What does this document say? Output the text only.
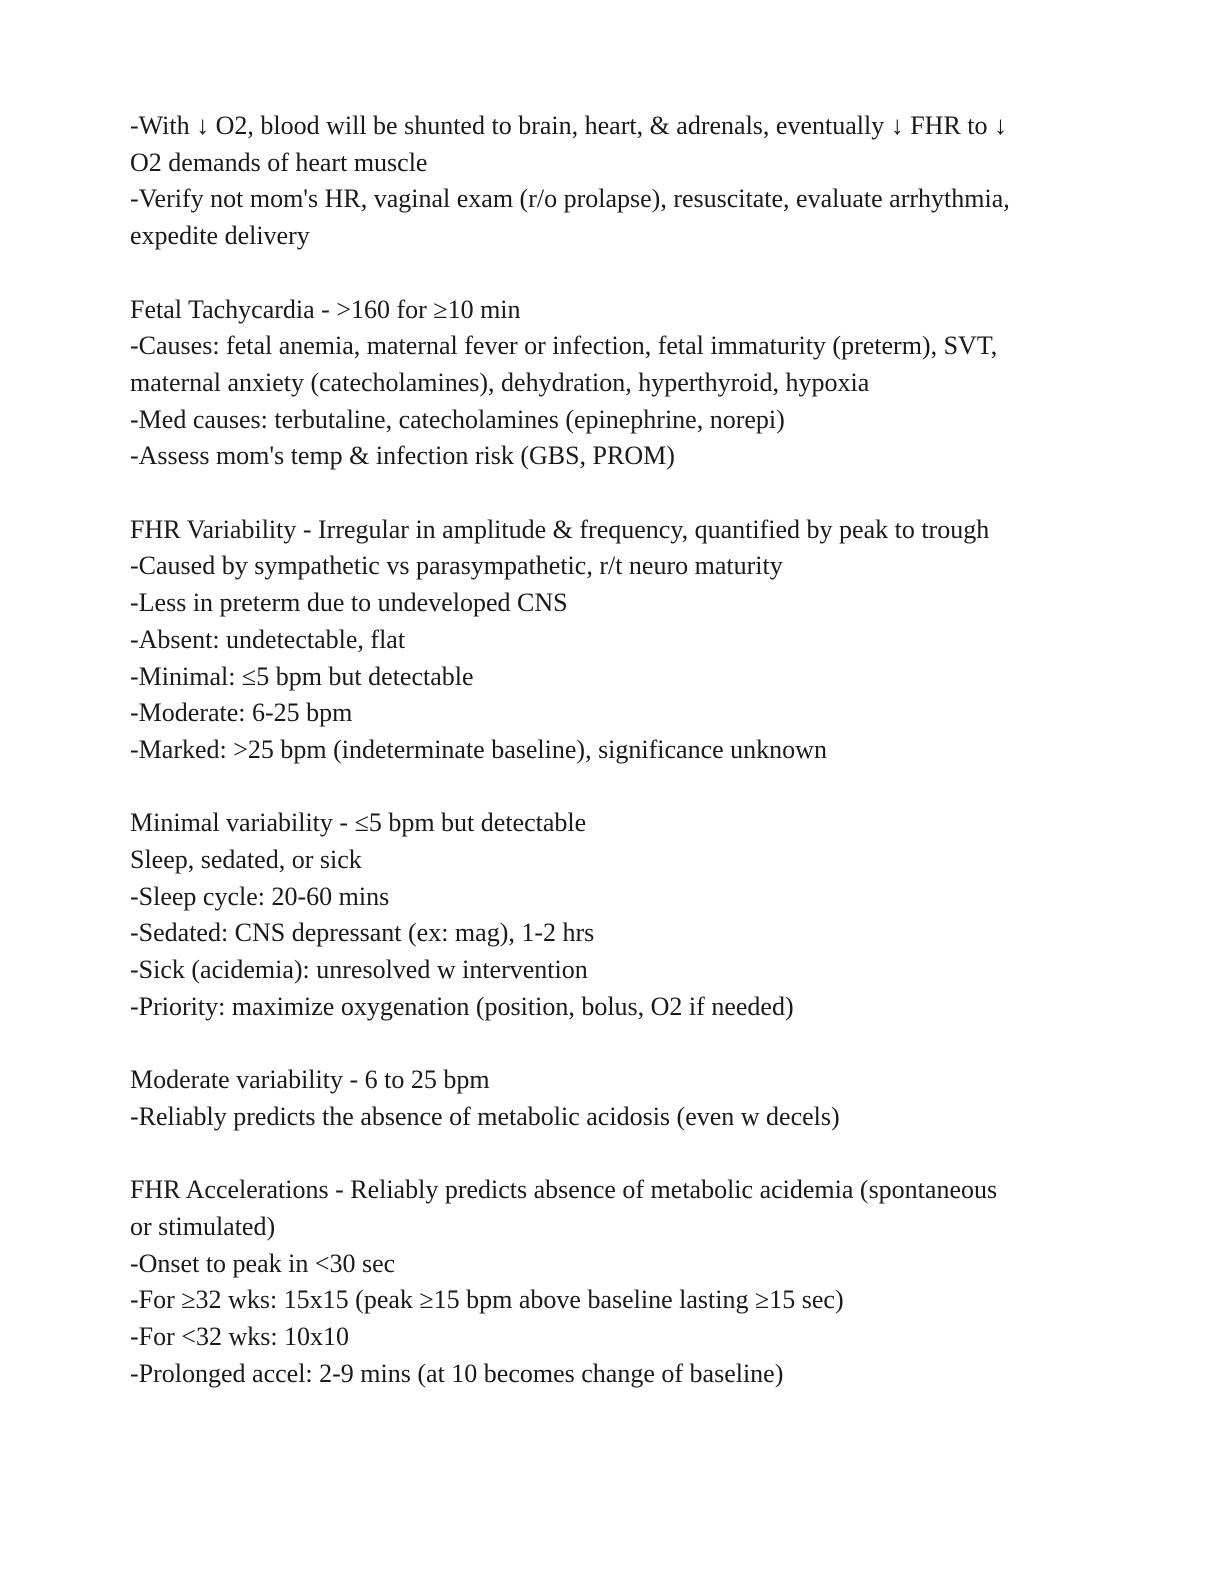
-With ↓ O2, blood will be shunted to brain, heart, & adrenals, eventually ↓ FHR to ↓
O2 demands of heart muscle
-Verify not mom's HR, vaginal exam (r/o prolapse), resuscitate, evaluate arrhythmia,
expedite delivery
Fetal Tachycardia - >160 for ≥10 min
-Causes: fetal anemia, maternal fever or infection, fetal immaturity (preterm), SVT,
maternal anxiety (catecholamines), dehydration, hyperthyroid, hypoxia
-Med causes: terbutaline, catecholamines (epinephrine, norepi)
-Assess mom's temp & infection risk (GBS, PROM)
FHR Variability - Irregular in amplitude & frequency, quantified by peak to trough
-Caused by sympathetic vs parasympathetic, r/t neuro maturity
-Less in preterm due to undeveloped CNS
-Absent: undetectable, flat
-Minimal: ≤5 bpm but detectable
-Moderate: 6-25 bpm
-Marked: >25 bpm (indeterminate baseline), significance unknown
Minimal variability - ≤5 bpm but detectable
Sleep, sedated, or sick
-Sleep cycle: 20-60 mins
-Sedated: CNS depressant (ex: mag), 1-2 hrs
-Sick (acidemia): unresolved w intervention
-Priority: maximize oxygenation (position, bolus, O2 if needed)
Moderate variability - 6 to 25 bpm
-Reliably predicts the absence of metabolic acidosis (even w decels)
FHR Accelerations - Reliably predicts absence of metabolic acidemia (spontaneous
or stimulated)
-Onset to peak in <30 sec
-For ≥32 wks: 15x15 (peak ≥15 bpm above baseline lasting ≥15 sec)
-For <32 wks: 10x10
-Prolonged accel: 2-9 mins (at 10 becomes change of baseline)
